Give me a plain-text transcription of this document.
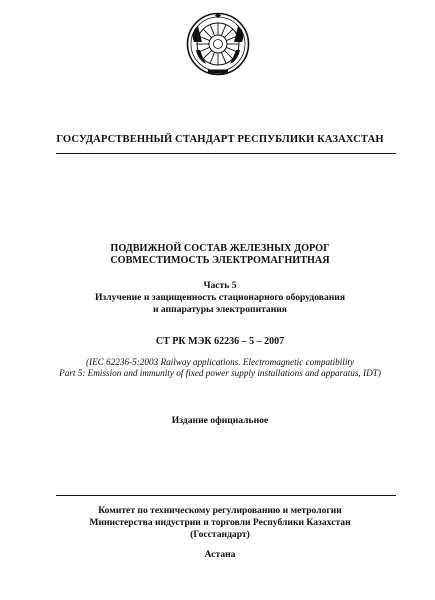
ГОСУДАРСТВЕННЫЙ СТАНДАРТ РЕСПУБЛИКИ КАЗАХСТАН
ПОДВИЖНОЙ СОСТАВ ЖЕЛЕЗНЫХ ДОРОГ
СОВМЕСТИМОСТЬ ЭЛЕКТРОМАГНИТНАЯ
Часть 5
Излучение и защищенность стационарного оборудования
и аппаратуры электропитания
СТ РК МЭК 62236 – 5 – 2007
(IEC 62236-5:2003 Railway applications. Electromagnetic compatibility
Part 5: Emission and immunity of fixed power supply installations and apparatus, IDT)
Издание официальное
Комитет по техническому регулированию и метрологии
Министерства индустрии и торговли Республики Казахстан
(Госстандарт)
Астана
